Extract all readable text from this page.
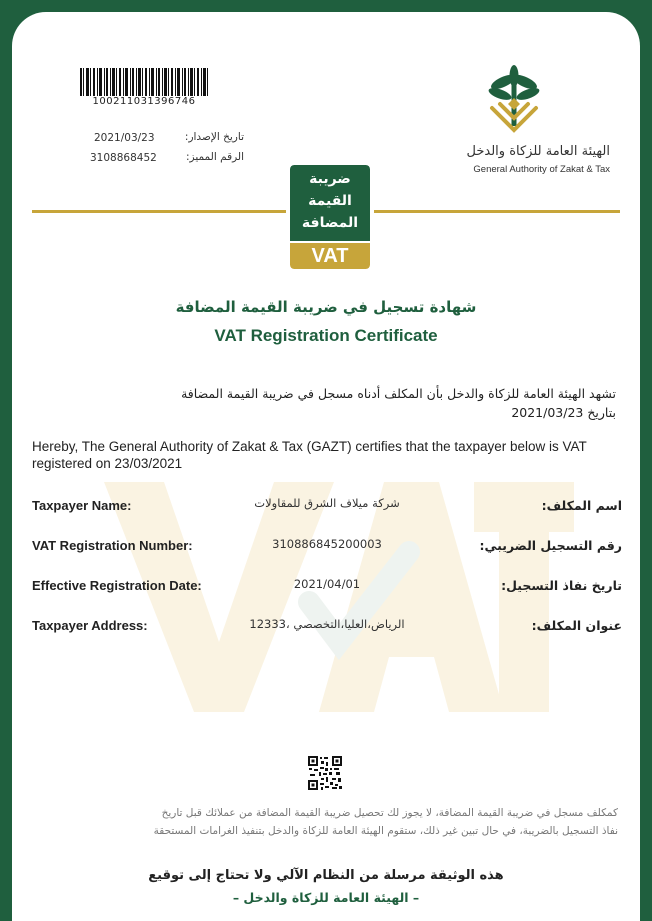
100211031396746
2021/03/23	تاريخ الإصدار:
3108868452	الرقم المميز:	الهيئة العامة للزكاة والدخل
General Authority of Zakat & Tax
ضريبة
القيمة
المضافة
VAT
شهادة تسجيل في ضريبة القيمة المضافة
VAT Registration Certificate
تشهد الهيئة العامة للزكاة والدخل بأن المكلف أدناه مسجل في ضريبة القيمة المضافة
بتاريخ 2021/03/23
Hereby, The General Authority of Zakat & Tax (GAZT) certifies that the taxpayer below is VAT registered on 23/03/2021
Taxpayer Name:	شركة ميلاف الشرق للمقاولات	اسم المكلف:
VAT Registration Number:	310886845200003	رقم التسجيل الضريبي:
Effective Registration Date:	2021/04/01	تاريخ نفاذ التسجيل:
Taxpayer Address:	الرياض،العليا،التخصصي ،12333	عنوان المكلف:
كمكلف مسجل في ضريبة القيمة المضافة، لا يجوز لك تحصيل ضريبة القيمة المضافة من عملائك قبل تاريخ
نفاذ التسجيل بالضريبة، في حال تبين غير ذلك، ستقوم الهيئة العامة للزكاة والدخل بتنفيذ الغرامات المستحقة
هذه الوثيقة مرسلة من النظام الآلي ولا تحتاج إلى توقيع
– الهيئة العامة للزكاة والدخل –
